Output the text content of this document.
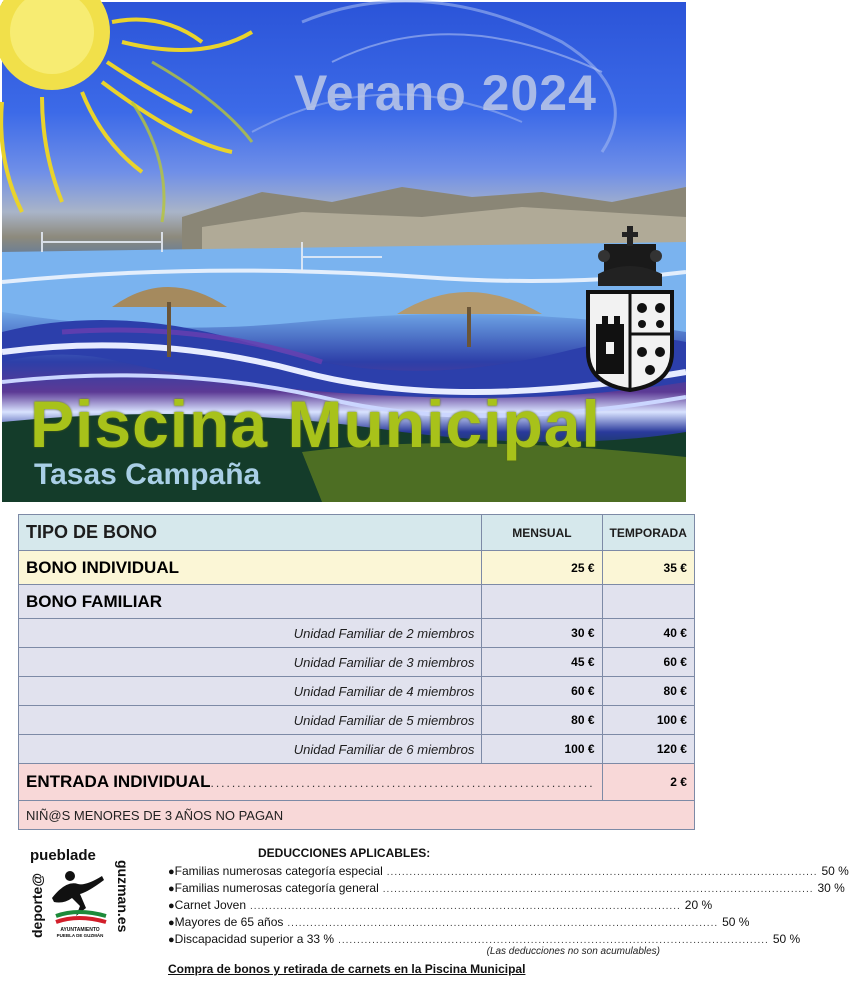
Verano 2024
Piscina Municipal
Tasas Campaña
TIPO DE BONO	MENSUAL	TEMPORADA
BONO INDIVIDUAL	25 €	35 €
BONO FAMILIAR		
Unidad Familiar de 2 miembros	30 €	40 €
Unidad Familiar de 3 miembros	45 €	60 €
Unidad Familiar de 4 miembros	60 €	80 €
Unidad Familiar de 5 miembros	80 €	100 €
Unidad Familiar de 6 miembros	100 €	120 €
ENTRADA INDIVIDUAL........................................................................		2 €
NIÑ@S MENORES DE 3 AÑOS NO PAGAN		
pueblade
deporte@	guzman.es
AYUNTAMIENTO
PUEBLA DE GUZMÁN
DEDUCCIONES APLICABLES:
● Familias numerosas categoría especial .................................................................................................................. 50 %
● Familias numerosas categoría general .................................................................................................................. 30 %
● Carnet Joven .................................................................................................................. 20 %
● Mayores de 65 años .................................................................................................................. 50 %
● Discapacidad superior a 33 % .................................................................................................................. 50 %
(Las deducciones no son acumulables)
Compra de bonos y retirada de carnets en la Piscina Municipal
